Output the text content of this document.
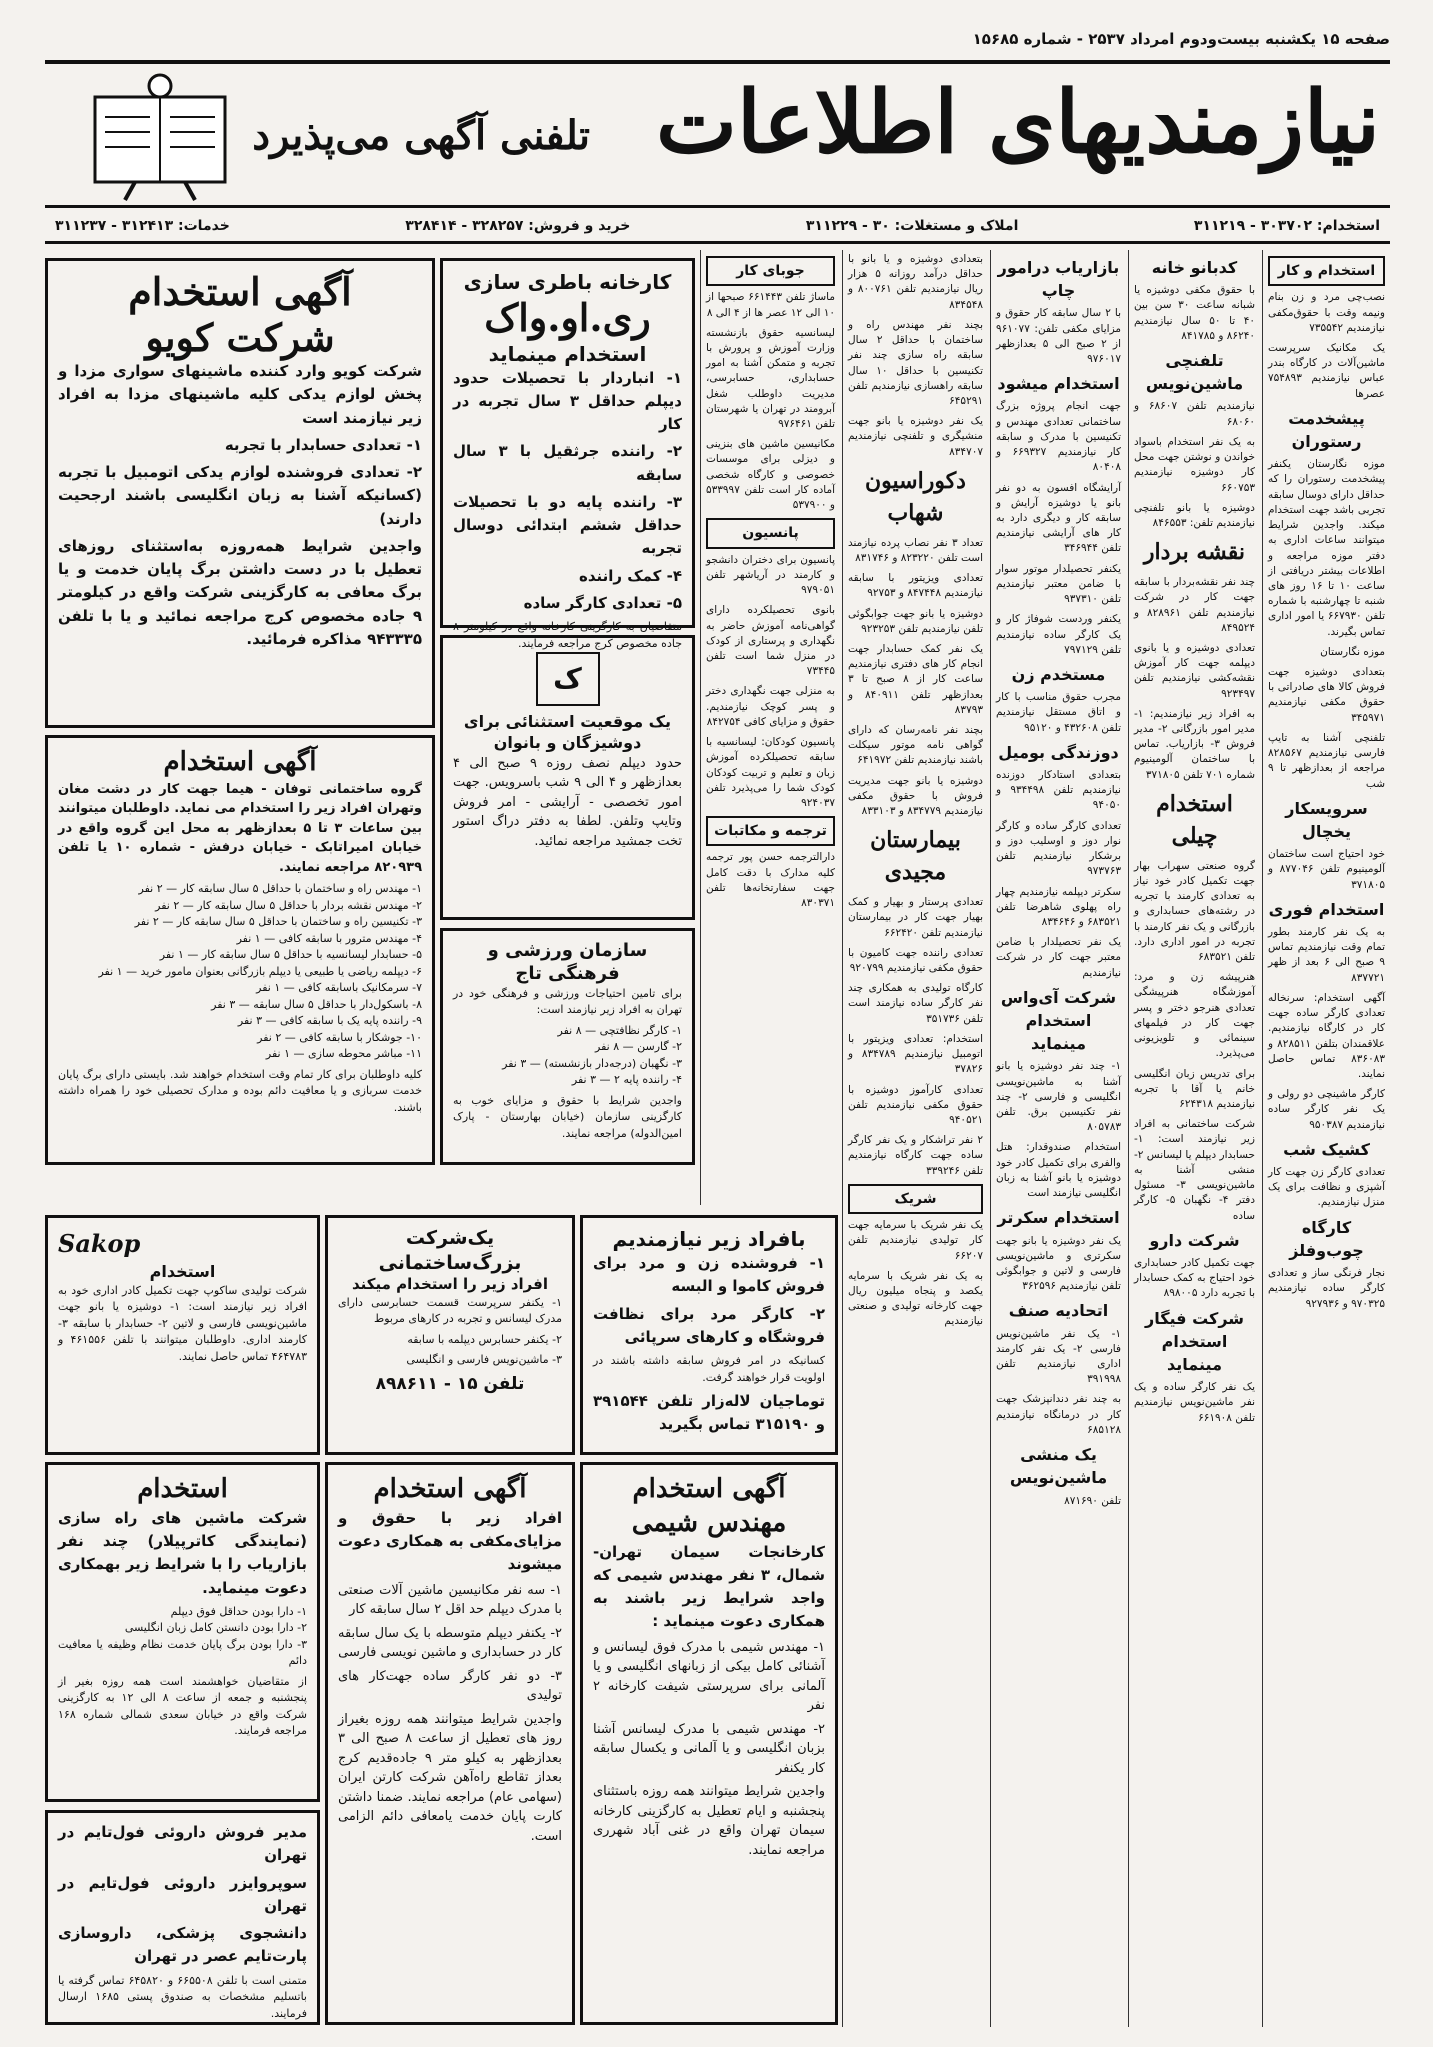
صفحه ۱۵ یکشنبه بیست‌ودوم امرداد ۲۵۳۷ - شماره ۱۵۶۸۵
نیازمندیهای اطلاعات
تلفنی آگهی می‌پذیرد
استخدام: ۳۰۳۷۰۲ - ۳۱۱۲۱۹
املاک و مستغلات: ۳۰ - ۳۱۱۲۲۹
خرید و فروش: ۳۲۸۲۵۷ - ۳۲۸۴۱۴
خدمات: ۳۱۲۴۱۳ - ۳۱۱۲۳۷
استخدام و کار

نصب‌چی مرد و زن بنام ونیمه وقت با حقوق‌مکفی نیازمندیم ۷۳۵۵۴۲

یک مکانیک سرپرست ماشین‌آلات در کارگاه بندر عباس نیازمندیم ۷۵۴۸۹۳ عصرها

پیشخدمت رستوران

موزه نگارستان یکنفر پیشخدمت رستوران را که حداقل دارای دوسال سابقه تجربی باشد جهت استخدام میکند. واجدین شرایط میتوانند ساعات اداری به دفتر موزه مراجعه و اطلاعات بیشتر دریافتی از ساعت ۱۰ تا ۱۶ روز های شنبه تا چهارشنبه با شماره تلفن ۶۶۷۹۳۰ یا امور اداری تماس بگیرند.

موزه نگارستان

بتعدادی دوشیزه جهت فروش کالا های صادراتی با حقوق مکفی نیازمندیم ۳۴۵۹۷۱

تلفنچی آشنا به تایپ فارسی نیازمندیم ۸۲۸۵۶۷ مراجعه از بعدازظهر تا ۹ شب

سرویسکار یخچال

خود احتیاج است ساختمان آلومینیوم تلفن ۸۷۷۰۴۶ و ۳۷۱۸۰۵

استخدام فوری

به یک نفر کارمند بطور تمام وقت نیازمندیم تماس ۹ صبح الی ۶ بعد از ظهر ۸۳۷۷۲۱

آگهی استخدام: سرنخاله تعدادی کارگر ساده جهت کار در کارگاه نیازمندیم. علاقمندان بتلفن ۸۲۸۵۱۱ و ۸۳۶۰۸۳ تماس حاصل نمایند.

کارگر ماشینچی دو رولی و یک نفر کارگر ساده نیازمندیم ۹۵۰۳۸۷

کشیک شب

تعدادی کارگر زن جهت کار آشپزی و نظافت برای یک منزل نیازمندیم.

کارگاه چوب‌وفلز

نجار فرنگی ساز و تعدادی کارگر ساده نیازمندیم ۹۷۰۳۲۵ و ۹۲۷۹۳۶

کدبانو خانه

با حقوق مکفی دوشیزه یا شبانه ساعت ۳۰ سن بین ۴۰ تا ۵۰ سال نیازمندیم ۸۶۲۴۰ و ۸۴۱۷۸۵

تلفنچی ماشین‌نویس

نیازمندیم تلفن ۶۸۶۰۷ و ۶۸۰۶۰

به یک نفر استخدام باسواد خواندن و نوشتن جهت محل کار دوشیزه نیازمندیم ۶۶۰۷۵۳

دوشیزه یا بانو تلفنچی نیازمندیم تلفن: ۸۴۶۵۵۳

نقشه بردار

چند نفر نقشه‌بردار با سابقه جهت کار در شرکت نیازمندیم تلفن ۸۲۸۹۶۱ و ۸۴۹۵۲۴

تعدادی دوشیزه و یا بانوی دیپلمه جهت کار آموزش نقشه‌کشی نیازمندیم تلفن ۹۲۳۴۹۷

به افراد زیر نیازمندیم: ۱- مدیر امور بازرگانی ۲- مدیر فروش ۳- بازاریاب. تماس با ساختمان آلومینیوم شماره ۷۰۱ تلفن ۳۷۱۸۰۵

استخدام چیلی

گروه صنعتی سهراب بهار جهت تکمیل کادر خود نیاز به تعدادی کارمند با تجربه در رشته‌های حسابداری و بازرگانی و یک نفر کارمند با تجربه در امور اداری دارد. تلفن ۶۸۳۵۲۱

هنرپیشه زن و مرد: آموزشگاه هنرپیشگی تعدادی هنرجو دختر و پسر جهت کار در فیلمهای سینمائی و تلویزیونی می‌پذیرد.

برای تدریس زبان انگلیسی خانم یا آقا با تجربه نیازمندیم ۶۲۴۳۱۸

شرکت ساختمانی به افراد زیر نیازمند است: ۱- حسابدار دیپلم یا لیسانس ۲- منشی آشنا به ماشین‌نویسی ۳- مسئول دفتر ۴- نگهبان ۵- کارگر ساده

شرکت دارو

جهت تکمیل کادر حسابداری خود احتیاج به کمک حسابدار با تجربه دارد ۸۹۸۰۰۵

شرکت فیگار استخدام مینماید

یک نفر کارگر ساده و یک نفر ماشین‌نویس نیازمندیم تلفن ۶۶۱۹۰۸

بازاریاب درامور چاپ

با ۲ سال سابقه کار حقوق و مزایای مکفی تلفن: ۹۶۱۰۷۷ از ۲ صبح الی ۵ بعدازظهر ۹۷۶۰۱۷

استخدام میشود

جهت انجام پروژه بزرگ ساختمانی تعدادی مهندس و تکنیسین با مدرک و سابقه کار نیازمندیم ۶۶۹۳۲۷ و ۸۰۴۰۸

آرایشگاه افسون به دو نفر بانو یا دوشیزه آرایش و سابقه کار و دیگری دارد به کار های آرایشی نیازمندیم تلفن ۳۴۶۹۴۴

یکنفر تحصیلدار موتور سوار با ضامن معتبر نیازمندیم تلفن ۹۳۷۳۱۰

یکنفر وردست شوفاژ کار و یک کارگر ساده نیازمندیم تلفن ۷۹۷۱۲۹

مستخدم زن

مجرب حقوق مناسب با کار و اتاق مستقل نیازمندیم تلفن ۴۳۲۶۰۸ و ۹۵۱۲۰

دوزندگی بومیل

بتعدادی استادکار دوزنده نیازمندیم تلفن ۹۳۴۴۹۸ و ۹۴۰۵۰

تعدادی کارگر ساده و کارگر نوار دوز و اوسلیب دوز و برشکار نیازمندیم تلفن ۹۷۳۷۶۳

سکرتر دیپلمه نیازمندیم چهار راه پهلوی شاهرضا تلفن ۶۸۳۵۲۱ و ۸۳۴۶۴۶

یک نفر تحصیلدار با ضامن معتبر جهت کار در شرکت نیازمندیم

شرکت آی‌واس استخدام مینماید

۱- چند نفر دوشیزه یا بانو آشنا به ماشین‌نویسی انگلیسی و فارسی ۲- چند نفر تکنیسین برق. تلفن ۸۰۵۷۸۳

استخدام صندوقدار: هتل والفری برای تکمیل کادر خود دوشیزه یا بانو آشنا به زبان انگلیسی نیازمند است

استخدام سکرتر

یک نفر دوشیزه یا بانو جهت سکرتری و ماشین‌نویسی فارسی و لاتین و جوابگوئی تلفن نیازمندیم ۳۶۲۵۹۶

اتحادیه صنف

۱- یک نفر ماشین‌نویس فارسی ۲- یک نفر کارمند اداری نیازمندیم تلفن ۳۹۱۹۹۸

به چند نفر دندانپزشک جهت کار در درمانگاه نیازمندیم ۶۸۵۱۲۸

یک منشی ماشین‌نویس

تلفن ۸۷۱۶۹۰

بتعدادی دوشیزه و یا بانو با حداقل درآمد روزانه ۵ هزار ریال نیازمندیم تلفن ۸۰۰۷۶۱ و ۸۳۴۵۴۸

بچند نفر مهندس راه و ساختمان با حداقل ۲ سال سابقه راه سازی چند نفر تکنیسین با حداقل ۱۰ سال سابقه راهسازی نیازمندیم تلفن ۶۴۵۲۹۱

یک نفر دوشیزه یا بانو جهت منشیگری و تلفنچی نیازمندیم ۸۳۴۷۰۷

دکوراسیون شهاب

تعداد ۳ نفر نصاب پرده نیازمند است تلفن ۸۲۳۲۲۰ و ۸۳۱۷۴۶

تعدادی ویزیتور با سابقه نیازمندیم ۸۴۷۴۴۸ و ۹۲۷۵۳

دوشیزه یا بانو جهت جوابگوئی تلفن نیازمندیم تلفن ۹۲۳۲۵۳

یک نفر کمک حسابدار جهت انجام کار های دفتری نیازمندیم ساعت کار از ۸ صبح تا ۳ بعدازظهر تلفن ۸۴۰۹۱۱ و ۸۳۷۹۳

بچند نفر نامه‌رسان که دارای گواهی نامه موتور سیکلت باشند نیازمندیم تلفن ۶۴۱۹۷۲

دوشیزه یا بانو جهت مدیریت فروش با حقوق مکفی نیازمندیم ۸۳۴۷۷۹ و ۸۳۳۱۰۳

بیمارستان مجیدی

تعدادی پرستار و بهیار و کمک بهیار جهت کار در بیمارستان نیازمندیم تلفن ۶۶۲۴۲۰

تعدادی راننده جهت کامیون با حقوق مکفی نیازمندیم ۹۲۰۷۹۹

کارگاه تولیدی به همکاری چند نفر کارگر ساده نیازمند است تلفن ۳۵۱۷۳۶

استخدام: تعدادی ویزیتور با اتومبیل نیازمندیم ۸۳۴۷۸۹ و ۳۷۸۲۶

تعدادی کارآموز دوشیزه با حقوق مکفی نیازمندیم تلفن ۹۴۰۵۲۱

۲ نفر تراشکار و یک نفر کارگر ساده جهت کارگاه نیازمندیم تلفن ۳۳۹۲۴۶

شریک

یک نفر شریک با سرمایه جهت کار تولیدی نیازمندیم تلفن ۶۶۲۰۷

به یک نفر شریک با سرمایه یکصد و پنجاه میلیون ریال جهت کارخانه تولیدی و صنعتی نیازمندیم

جوبای کار

ماساژ تلفن ۶۶۱۴۴۳ صبحها از ۱۰ الی ۱۲ عصر ها از ۴ الی ۸

لیسانسیه حقوق بازنشسته وزارت آموزش و پرورش با تجربه و متمکن آشنا به امور حسابداری، حسابرسی، مدیریت داوطلب شغل آبرومند در تهران یا شهرستان تلفن ۹۷۶۴۶۱

مکانیسین ماشین های بنزینی و دیزلی برای موسسات خصوصی و کارگاه شخصی آماده کار است تلفن ۵۳۳۹۹۷ و ۵۳۷۹۰۰

پانسیون

پانسیون برای دختران دانشجو و کارمند در آریاشهر تلفن ۹۷۹۰۵۱

بانوی تحصیلکرده دارای گواهی‌نامه آموزش حاضر به نگهداری و پرستاری از کودک در منزل شما است تلفن ۷۳۴۴۵

به منزلی جهت نگهداری دختر و پسر کوچک نیازمندیم. حقوق و مزایای کافی ۸۴۲۷۵۴

پانسیون کودکان: لیسانسیه با سابقه تحصیلکرده آموزش زبان و تعلیم و تربیت کودکان کودک شما را می‌پذیرد تلفن ۹۲۴۰۳۷

ترجمه و مکاتبات

دارالترجمه حسن پور ترجمه کلیه مدارک با دقت کامل جهت سفارتخانه‌ها تلفن ۸۳۰۳۷۱

کارخانه باطری سازی
ری.او.واک
استخدام مینماید

۱- انباردار با تحصیلات حدود دیپلم حداقل ۳ سال تجربه در کار

۲- راننده جرثقیل با ۳ سال سابقه

۳- راننده پایه دو با تحصیلات حداقل ششم ابتدائی دوسال تجربه

۴- کمک راننده

۵- تعدادی کارگر ساده

متقاضیان به کارگزینی کارخانه واقع در کیلومتر ۸ جاده مخصوص کرج مراجعه فرمایند.

آگهی استخدام
شرکت کویو

شرکت کویو وارد کننده ماشینهای سواری مزدا و پخش لوازم یدکی کلیه ماشینهای مزدا به افراد زیر نیازمند است

۱- تعدادی حسابدار با تجربه

۲- تعدادی فروشنده لوازم یدکی اتومبیل با تجربه (کسانیکه آشنا به زبان انگلیسی باشند ارجحیت دارند)

واجدین شرایط همه‌روزه به‌استثنای روزهای تعطیل با در دست داشتن برگ پایان خدمت و یا برگ معافی به کارگزینی شرکت واقع در کیلومتر ۹ جاده مخصوص کرج مراجعه نمائید و یا با تلفن ۹۴۳۳۳۵ مذاکره فرمائید.

ک
یک موقعیت استثنائی برای دوشیزگان و بانوان

حدود دیپلم نصف روزه ۹ صبح الی ۴ بعدازظهر و ۴ الی ۹ شب باسرویس. جهت امور تخصصی - آرایشی - امر فروش وتایپ وتلفن. لطفا به دفتر دراگ استور تخت جمشید مراجعه نمائید.

آگهی استخدام

گروه ساختمانی توفان - هیما جهت کار در دشت مغان وتهران افراد زیر را استخدام می نماید. داوطلبان میتوانند بین ساعات ۳ تا ۵ بعدازظهر به محل این گروه واقع در خیابان امیراتابک - خیابان درفش - شماره ۱۰ یا تلفن ۸۲۰۹۳۹ مراجعه نمایند.

۱- مهندس راه و ساختمان با حداقل ۵ سال سابقه کار — ۲ نفر

۲- مهندس نقشه بردار با حداقل ۵ سال سابقه کار — ۲ نفر

۳- تکنیسین راه و ساختمان با حداقل ۵ سال سابقه کار — ۲ نفر

۴- مهندس مترور با سابقه کافی — ۱ نفر

۵- حسابدار لیسانسیه با حداقل ۵ سال سابقه کار — ۱ نفر

۶- دیپلمه ریاضی یا طبیعی یا دیپلم بازرگانی بعنوان مامور خرید — ۱ نفر

۷- سرمکانیک باسابقه کافی — ۱ نفر

۸- باسکول‌دار با حداقل ۵ سال سابقه — ۳ نفر

۹- راننده پایه یک با سابقه کافی — ۳ نفر

۱۰- جوشکار با سابقه کافی — ۲ نفر

۱۱- مباشر محوطه سازی — ۱ نفر

کلیه داوطلبان برای کار تمام وقت استخدام خواهند شد. بایستی دارای برگ پایان خدمت سربازی و یا معافیت دائم بوده و مدارک تحصیلی خود را همراه داشته باشند.

سازمان ورزشی و فرهنگی تاج

برای تامین احتیاجات ورزشی و فرهنگی خود در تهران به افراد زیر نیازمند است:

۱- کارگر نظافتچی — ۸ نفر

۲- گارسن — ۸ نفر

۳- نگهبان (درجه‌دار بازنشسته) — ۳ نفر

۴- راننده پایه ۲ — ۳ نفر

واجدین شرایط با حقوق و مزایای خوب به کارگزینی سازمان (خیابان بهارستان - پارک امین‌الدوله) مراجعه نمایند.

Sakop
استخدام

شرکت تولیدی ساکوپ جهت تکمیل کادر اداری خود به افراد زیر نیازمند است: ۱- دوشیزه یا بانو جهت ماشین‌نویسی فارسی و لاتین ۲- حسابدار با سابقه ۳- کارمند اداری. داوطلبان میتوانند با تلفن ۴۶۱۵۵۶ و ۴۶۴۷۸۳ تماس حاصل نمایند.

یک‌شرکت بزرگ‌ساختمانی
افراد زیر را استخدام میکند

۱- یکنفر سرپرست قسمت حسابرسی دارای مدرک لیسانس و تجربه در کارهای مربوط

۲- یکنفر حسابرس دیپلمه با سابقه

۳- ماشین‌نویس فارسی و انگلیسی

تلفن ۱۵ - ۸۹۸۶۱۱
بافراد زیر نیازمندیم

۱- فروشنده زن و مرد برای فروش کاموا و البسه

۲- کارگر مرد برای نظافت فروشگاه و کارهای سرپائی

کسانیکه در امر فروش سابقه داشته باشند در اولویت قرار خواهند گرفت.

توماجیان لاله‌زار تلفن ۳۹۱۵۴۴ و ۳۱۵۱۹۰ تماس بگیرید

استخدام

شرکت ماشین های راه سازی (نمایندگی کاترپیلار) چند نفر بازاریاب را با شرایط زیر بهمکاری دعوت مینماید.

۱- دارا بودن حداقل فوق دیپلم

۲- دارا بودن دانستن کامل زبان انگلیسی

۳- دارا بودن برگ پایان خدمت نظام وظیفه یا معافیت دائم

از متقاضیان خواهشمند است همه روزه بغیر از پنجشنبه و جمعه از ساعت ۸ الی ۱۲ به کارگزینی شرکت واقع در خیابان سعدی شمالی شماره ۱۶۸ مراجعه فرمایند.

مدیر فروش داروئی فول‌تایم در تهران

سوپروایزر داروئی فول‌تایم در تهران

دانشجوی پزشکی، داروسازی پارت‌تایم عصر در تهران

متمنی است با تلفن ۶۶۵۵۰۸ و ۶۴۵۸۲۰ تماس گرفته یا باتسلیم مشخصات به صندوق پستی ۱۶۸۵ ارسال فرمایند.

آگهی استخدام

افراد زیر با حقوق و مزایای‌مکفی به همکاری دعوت میشوند

۱- سه نفر مکانیسین ماشین آلات صنعتی با مدرک دیپلم حد اقل ۲ سال سابقه کار

۲- یکنفر دیپلم متوسطه با یک سال سابقه کار در حسابداری و ماشین نویسی فارسی

۳- دو نفر کارگر ساده جهت‌کار های تولیدی

واجدین شرایط میتوانند همه روزه بغیراز روز های تعطیل از ساعت ۸ صبح الی ۳ بعدازظهر به کیلو متر ۹ جاده‌قدیم کرج بعداز تقاطع راه‌آهن شرکت کارتن ایران (سهامی عام) مراجعه نمایند. ضمنا داشتن کارت پایان خدمت یامعافی دائم الزامی است.

آگهی استخدام
مهندس شیمی

کارخانجات سیمان تهران-شمال، ۳ نفر مهندس شیمی که واجد شرایط زیر باشند به همکاری دعوت مینماید :

۱- مهندس شیمی با مدرک فوق لیسانس و آشنائی کامل بیکی از زبانهای انگلیسی و یا آلمانی برای سرپرستی شیفت کارخانه ۲ نفر

۲- مهندس شیمی با مدرک لیسانس آشنا بزبان انگلیسی و یا آلمانی و یکسال سابقه کار یکنفر

واجدین شرایط میتوانند همه روزه باستثنای پنجشنبه و ایام تعطیل به کارگزینی کارخانه سیمان تهران واقع در غنی آباد شهرری مراجعه نمایند.
